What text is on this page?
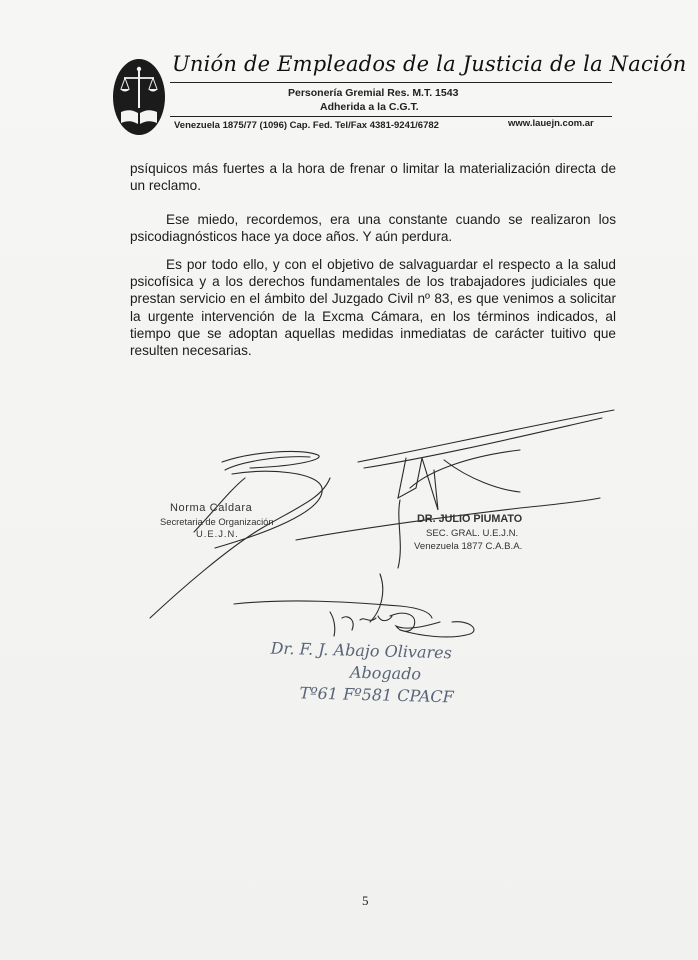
Unión de Empleados de la Justicia de la Nación
Personería Gremial Res. M.T. 1543
Adherida a la C.G.T.
Venezuela 1875/77 (1096) Cap. Fed. Tel/Fax 4381-9241/6782	www.lauejn.com.ar
psíquicos más fuertes a la hora de frenar o limitar la materialización directa de un reclamo.
Ese miedo, recordemos, era una constante cuando se realizaron los psicodiagnósticos hace ya doce años. Y aún perdura.
Es por todo ello, y con el objetivo de salvaguardar el respecto a la salud psicofísica y a los derechos fundamentales de los trabajadores judiciales que prestan servicio en el ámbito del Juzgado Civil nº 83, es que venimos a solicitar la urgente intervención de la Excma Cámara, en los términos indicados, al tiempo que se adoptan aquellas medidas inmediatas de carácter tuitivo que resulten necesarias.
Norma Caldara
Secretaria de Organización
U.E.J.N.
DR. JULIO PIUMATO
SEC. GRAL. U.E.J.N.
Venezuela 1877 C.A.B.A.
Dr. F. J. Abajo Olivares
Abogado
Tº61 Fº581 CPACF
5
